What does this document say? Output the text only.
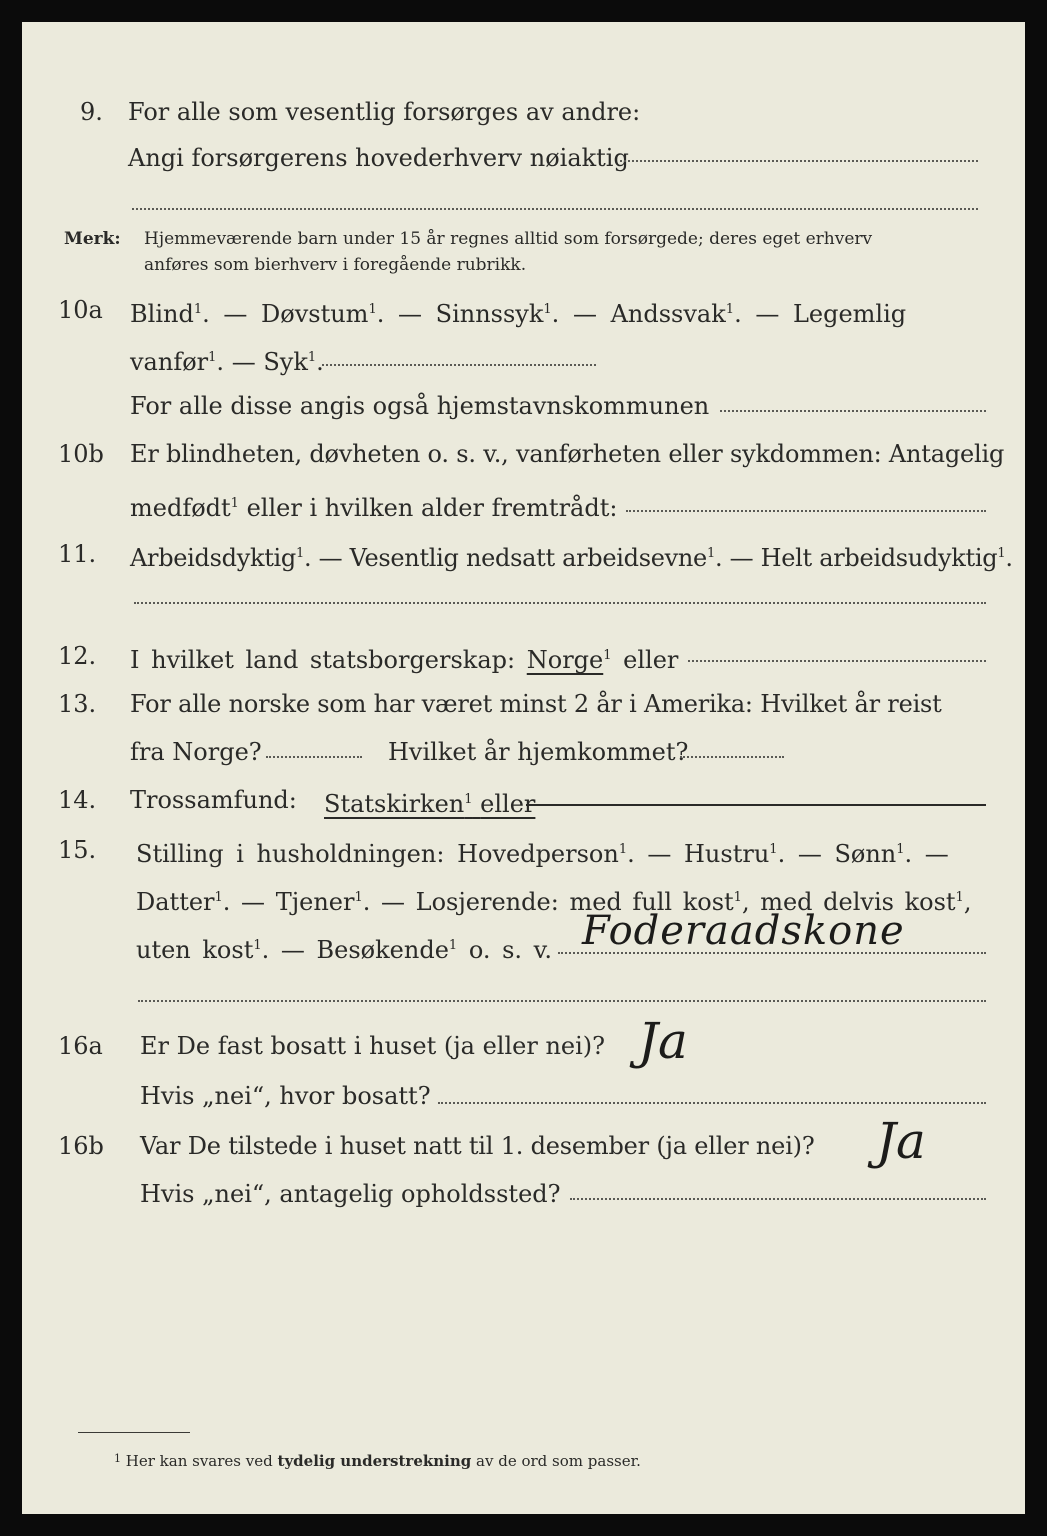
9. For alle som vesentlig forsørges av andre:
Angi forsørgerens hovederhverv nøiaktig
Merk: Hjemmeværende barn under 15 år regnes alltid som forsørgede; deres eget erhverv
anføres som bierhverv i foregående rubrikk.
10a Blind$^1$. — Døvstum$^1$. — Sinnssyk$^1$. — Andssvak$^1$. — Legemlig
vanfør$^1$. — Syk$^1$.
For alle disse angis også hjemstavnskommunen
10b Er blindheten, døvheten o. s. v., vanførheten eller sykdommen: Antagelig
medfødt$^1$ eller i hvilken alder fremtrådt:
11. Arbeidsdyktig$^1$. — Vesentlig nedsatt arbeidsevne$^1$. — Helt arbeidsudyktig$^1$.
12. I hvilket land statsborgerskap: Norge$^1$ eller
13. For alle norske som har været minst 2 år i Amerika: Hvilket år reist
fra Norge?	Hvilket år hjemkommet?
14. Trossamfund: Statskirken$^1$ eller
15. Stilling i husholdningen: Hovedperson$^1$. — Hustru$^1$. — Sønn$^1$. —
Datter$^1$. — Tjener$^1$. — Losjerende: med full kost$^1$, med delvis kost$^1$,
uten kost$^1$. — Besøkende$^1$ o. s. v. Foderaadskone
16a Er De fast bosatt i huset (ja eller nei)? Ja
Hvis „nei“, hvor bosatt?
16b Var De tilstede i huset natt til 1. desember (ja eller nei)? Ja
Hvis „nei“, antagelig opholdssted?
$^1$ Her kan svares ved tydelig understrekning av de ord som passer.
